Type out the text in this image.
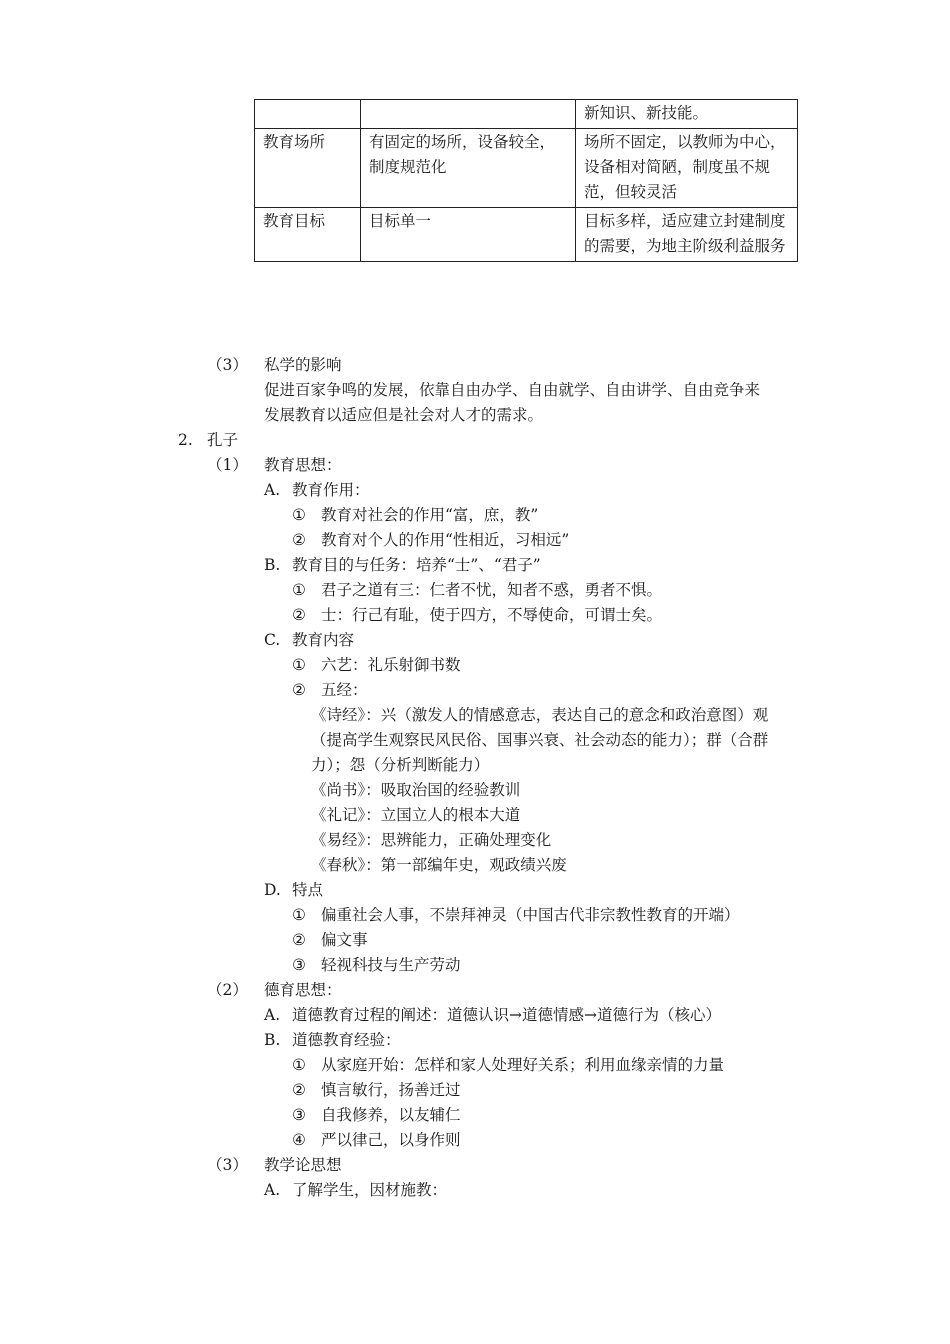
		新知识、新技能。
教育场所	有固定的场所，设备较全，制度规范化	场所不固定，以教师为中心，设备相对简陋，制度虽不规范，但较灵活
教育目标	目标单一	目标多样，适应建立封建制度的需要，为地主阶级利益服务
（3） 私学的影响
促进百家争鸣的发展，依靠自由办学、自由就学、自由讲学、自由竞争来
发展教育以适应但是社会对人才的需求。
2. 孔子
（1） 教育思想：
A. 教育作用：
① 教育对社会的作用“富，庶，教”
② 教育对个人的作用“性相近，习相远”
B. 教育目的与任务：培养“士”、“君子”
① 君子之道有三：仁者不忧，知者不惑，勇者不惧。
② 士：行己有耻，使于四方，不辱使命，可谓士矣。
C. 教育内容
① 六艺：礼乐射御书数
② 五经：
《诗经》：兴（激发人的情感意志，表达自己的意念和政治意图）观
（提高学生观察民风民俗、国事兴衰、社会动态的能力）；群（合群
力）；怨（分析判断能力）
《尚书》：吸取治国的经验教训
《礼记》：立国立人的根本大道
《易经》：思辨能力，正确处理变化
《春秋》：第一部编年史，观政绩兴废
D. 特点
① 偏重社会人事，不崇拜神灵（中国古代非宗教性教育的开端）
② 偏文事
③ 轻视科技与生产劳动
（2） 德育思想：
A. 道德教育过程的阐述：道德认识→道德情感→道德行为（核心）
B. 道德教育经验：
① 从家庭开始：怎样和家人处理好关系；利用血缘亲情的力量
② 慎言敏行，扬善迁过
③ 自我修养，以友辅仁
④ 严以律己，以身作则
（3） 教学论思想
A. 了解学生，因材施教：
